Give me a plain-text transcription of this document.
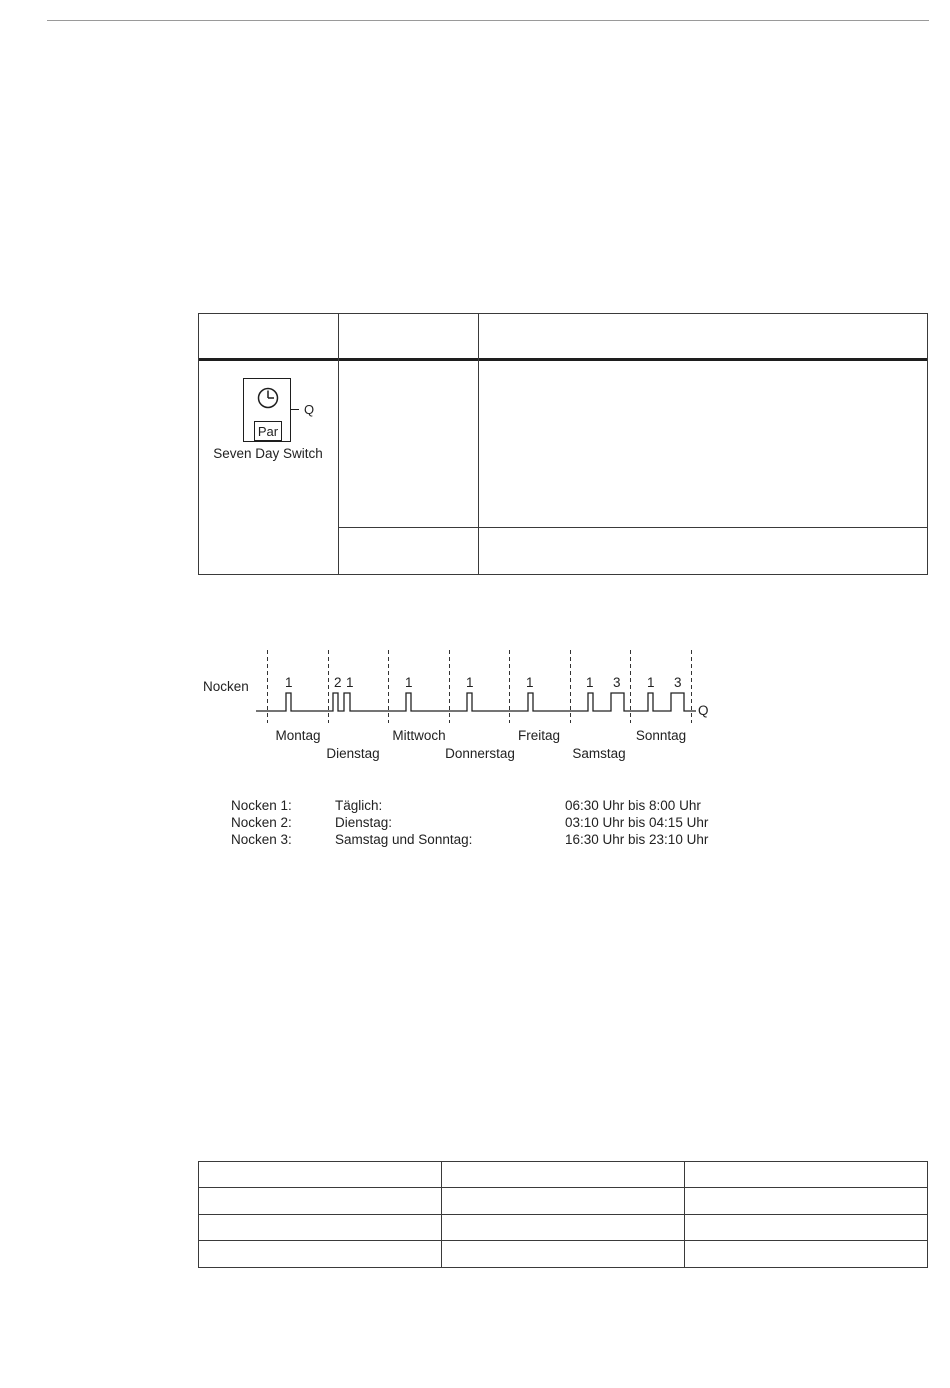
Par
Q
Seven Day Switch
Nocken
Q
1	2 1	1	1	1	1 3 1 3
Montag	Mittwoch	Freitag	Sonntag
Dienstag	Donnerstag	Samstag
Nocken 1:	Täglich:	06:30 Uhr bis 8:00 Uhr
Nocken 2:	Dienstag:	03:10 Uhr bis 04:15 Uhr
Nocken 3:	Samstag und Sonntag:	16:30 Uhr bis 23:10 Uhr
